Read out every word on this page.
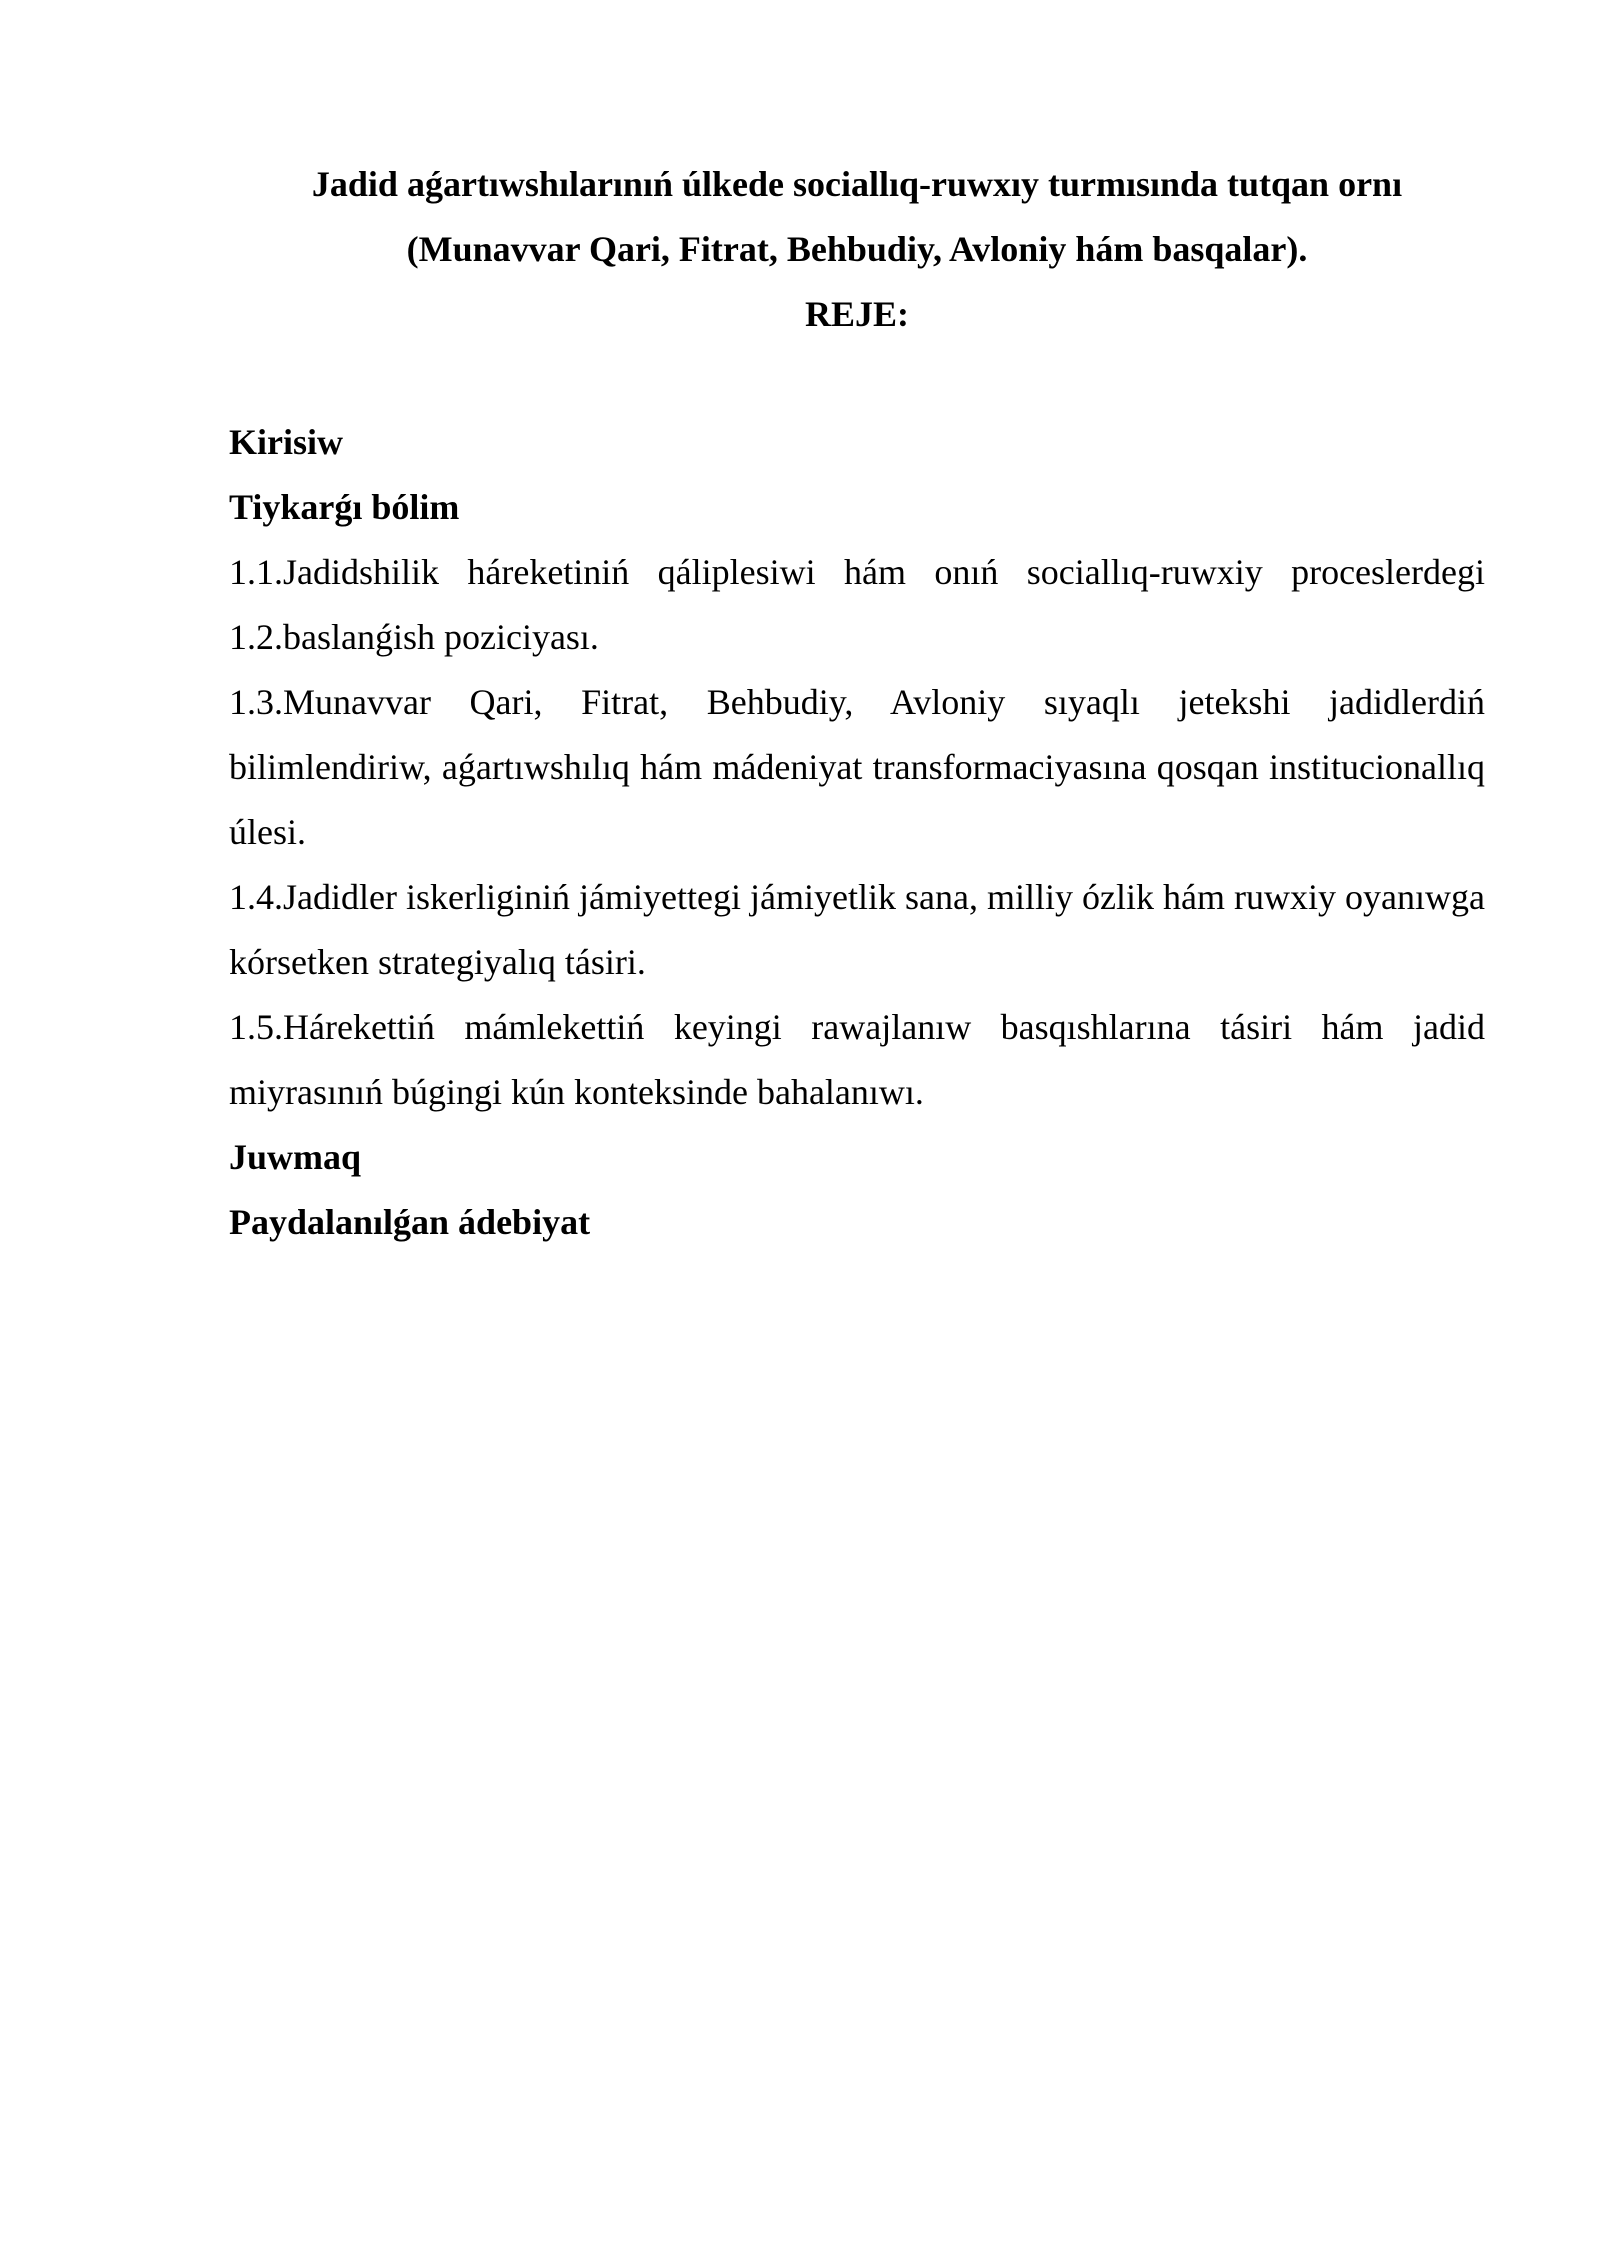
Jadid aǵartıwshılarınıń úlkede sociallıq-ruwxıy turmısında tutqan ornı
(Munavvar Qari, Fitrat, Behbudiy, Avloniy hám basqalar).
REJE:
Kirisiw
Tiykarǵı bólim

1.1.Jadidshilik háreketiniń qáliplesiwi hám onıń sociallıq-ruwxiy proceslerdegi

1.2.baslanǵish poziciyası.

1.3.Munavvar Qari, Fitrat, Behbudiy, Avloniy sıyaqlı jetekshi jadidlerdiń bilimlendiriw, aǵartıwshılıq hám mádeniyat transformaciyasına qosqan institucionallıq úlesi.

1.4.Jadidler iskerliginiń jámiyettegi jámiyetlik sana, milliy ózlik hám ruwxiy oyanıwga kórsetken strategiyalıq tásiri.

1.5.Hárekettiń mámlekettiń keyingi rawajlanıw basqıshlarına tásiri hám jadid miyrasınıń búgingi kún konteksinde bahalanıwı.

Juwmaq
Paydalanılǵan ádebiyat
